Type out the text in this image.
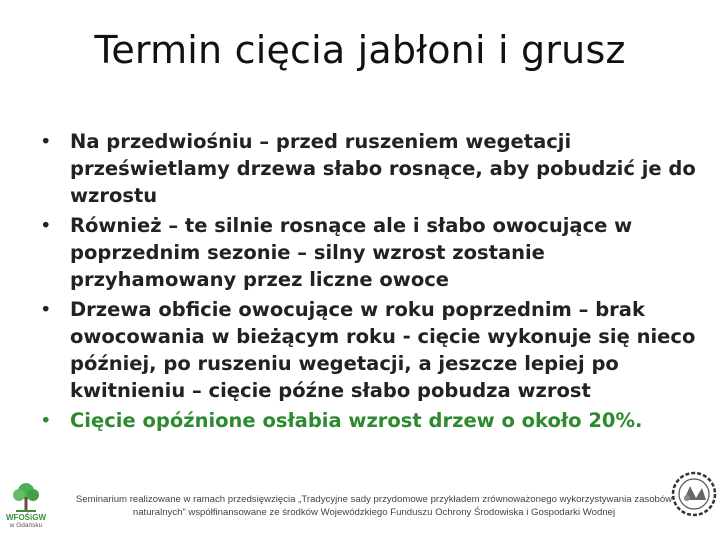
Termin cięcia jabłoni i grusz
• Na przedwiośniu – przed ruszeniem wegetacji prześwietlamy drzewa słabo rosnące, aby pobudzić je do wzrostu
• Również – te silnie rosnące ale i słabo owocujące w poprzednim sezonie – silny wzrost zostanie przyhamowany przez liczne owoce
• Drzewa obficie owocujące w roku poprzednim – brak owocowania w bieżącym roku - cięcie wykonuje się nieco później, po ruszeniu wegetacji, a jeszcze lepiej po kwitnieniu – cięcie późne słabo pobudza wzrost
• Cięcie opóźnione osłabia wzrost drzew o około 20%.
WFOŚiGW
w Gdańsku
Seminarium realizowane w ramach przedsięwzięcia „Tradycyjne sady przydomowe przykładem zrównoważonego wykorzystywania zasobów naturalnych” współfinansowane ze środków Wojewódzkiego Funduszu Ochrony Środowiska i Gospodarki Wodnej
